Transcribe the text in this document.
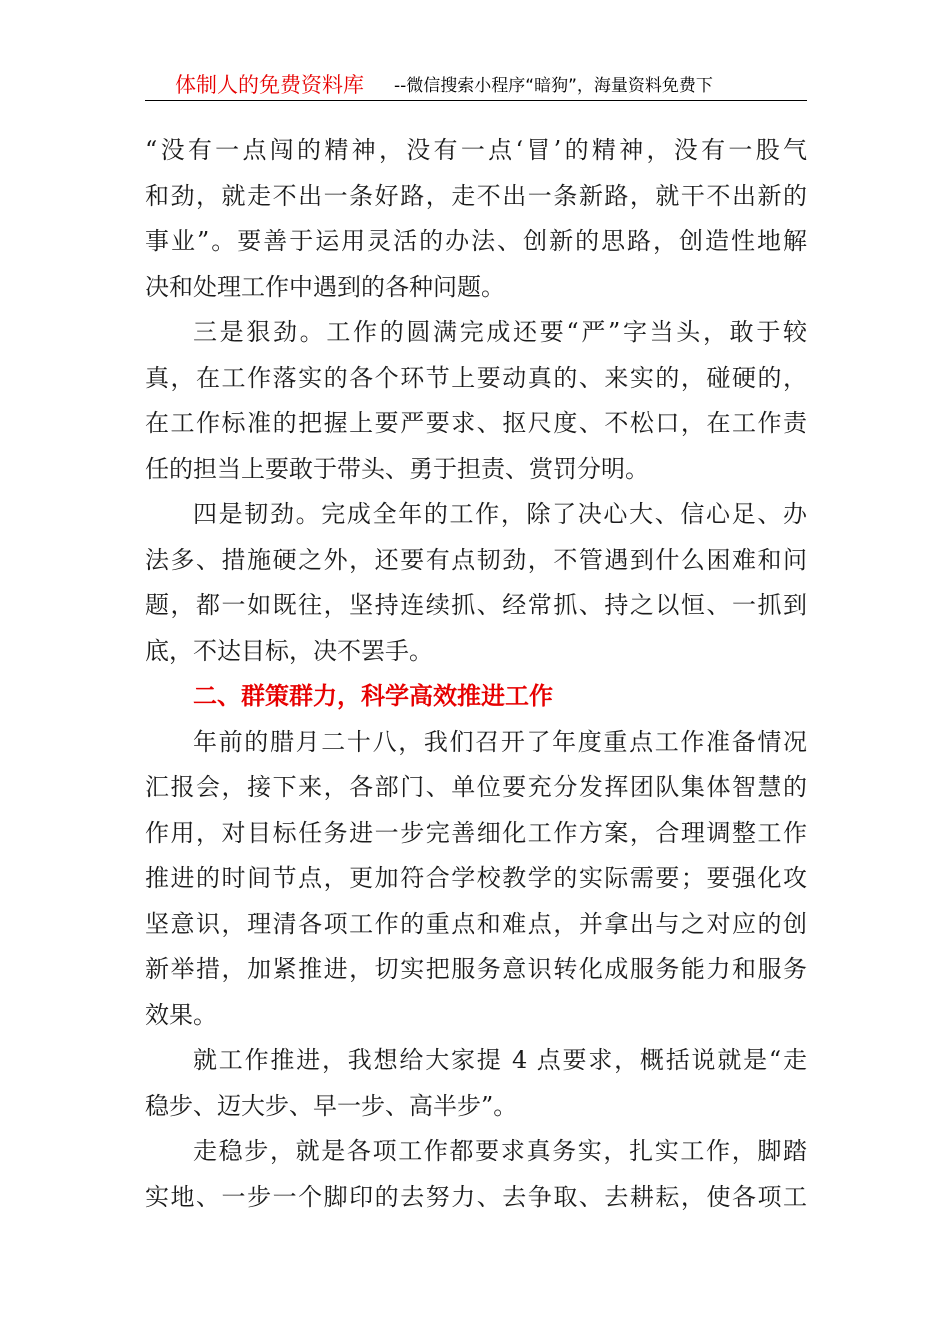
体制人的免费资料库 --微信搜索小程序“暗狗”，海量资料免费下
“没有一点闯的精神，没有一点‘冒’的精神，没有一股气
和劲，就走不出一条好路，走不出一条新路，就干不出新的
事业”。要善于运用灵活的办法、创新的思路，创造性地解
决和处理工作中遇到的各种问题。
三是狠劲。工作的圆满完成还要“严”字当头，敢于较
真，在工作落实的各个环节上要动真的、来实的，碰硬的，
在工作标准的把握上要严要求、抠尺度、不松口，在工作责
任的担当上要敢于带头、勇于担责、赏罚分明。
四是韧劲。完成全年的工作，除了决心大、信心足、办
法多、措施硬之外，还要有点韧劲，不管遇到什么困难和问
题，都一如既往，坚持连续抓、经常抓、持之以恒、一抓到
底，不达目标，决不罢手。
二、群策群力，科学高效推进工作
年前的腊月二十八，我们召开了年度重点工作准备情况
汇报会，接下来，各部门、单位要充分发挥团队集体智慧的
作用，对目标任务进一步完善细化工作方案，合理调整工作
推进的时间节点，更加符合学校教学的实际需要；要强化攻
坚意识，理清各项工作的重点和难点，并拿出与之对应的创
新举措，加紧推进，切实把服务意识转化成服务能力和服务
效果。
就工作推进，我想给大家提 4 点要求，概括说就是“走
稳步、迈大步、早一步、高半步”。
走稳步，就是各项工作都要求真务实，扎实工作，脚踏
实地、一步一个脚印的去努力、去争取、去耕耘，使各项工
